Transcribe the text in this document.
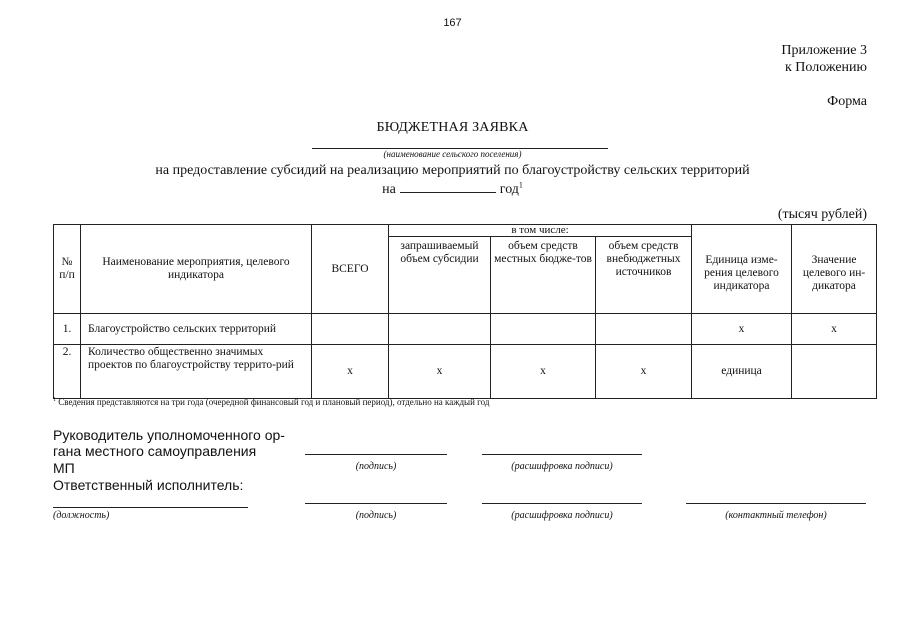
167
Приложение 3
к Положению
Форма
БЮДЖЕТНАЯ ЗАЯВКА
(наименование сельского поселения)
на предоставление субсидий на реализацию мероприятий по благоустройству сельских территорий
на	год$^1$
(тысяч рублей)
№ п/п	Наименование мероприятия, целевого индикатора	ВСЕГО	в том числе:			Единица изме-рения целевого индикатора	Значение целевого ин-дикатора
			запрашиваемый объем субсидии	объем средств местных бюдже-тов	объем средств внебюджетных источников		
1.	Благоустройство сельских территорий					х	х
2.	Количество общественно значимых проектов по благоустройству террито-рий	х	х	х	х	единица	
$^1$ Сведения представляются на три года (очередной финансовый год и плановый период), отдельно на каждый год
Руководитель уполномоченного ор-
гана местного самоуправления
МП	(подпись)	(расшифровка подписи)
Ответственный исполнитель:
(должность)	(подпись)	(расшифровка подписи)	(контактный телефон)
